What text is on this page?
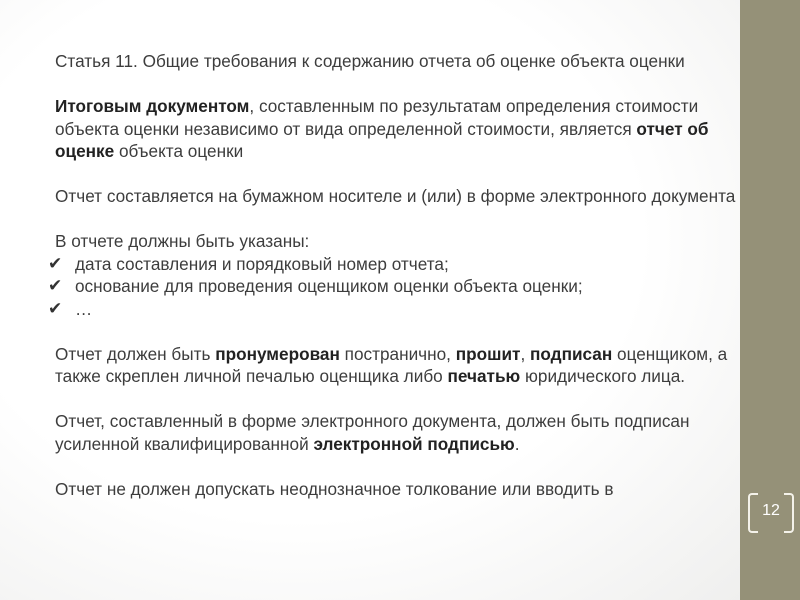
Статья 11. Общие требования к содержанию отчета об оценке объекта оценки

Итоговым документом, составленным по результатам определения стоимости объекта оценки независимо от вида определенной стоимости, является отчет об оценке объекта оценки

Отчет составляется на бумажном носителе и (или) в форме электронного документа

В отчете должны быть указаны:
✔ дата составления и порядковый номер отчета;
✔ основание для проведения оценщиком оценки объекта оценки;
✔ …

Отчет должен быть пронумерован постранично, прошит, подписан оценщиком, а также скреплен личной печалью оценщика либо печатью юридического лица.

Отчет, составленный в форме электронного документа, должен быть подписан усиленной квалифицированной электронной подписью.

Отчет не должен допускать неоднозначное толкование или вводить в

12
